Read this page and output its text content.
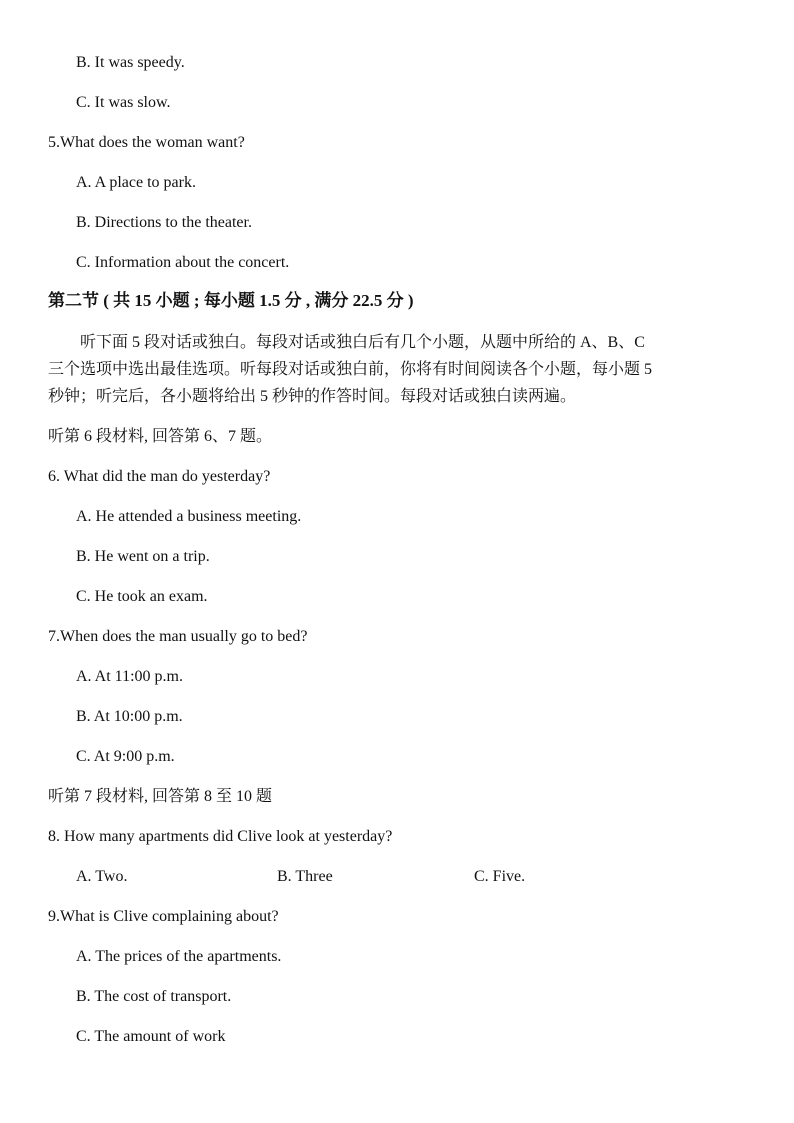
B. It was speedy.
C. It was slow.
5.What does the woman want?
A. A place to park.
B. Directions to the theater.
C. Information about the concert.
第二节 ( 共 15 小题 ; 每小题 1.5 分 , 满分 22.5 分 )
听下面 5 段对话或独白。每段对话或独白后有几个小题，从题中所给的 A、B、C
三个选项中选出最佳选项。听每段对话或独白前，你将有时间阅读各个小题，每小题 5
秒钟；听完后，各小题将给出 5 秒钟的作答时间。每段对话或独白读两遍。
听第 6 段材料, 回答第 6、7 题。
6. What did the man do yesterday?
A. He attended a business meeting.
B. He went on a trip.
C. He took an exam.
7.When does the man usually go to bed?
A. At 11:00 p.m.
B. At 10:00 p.m.
C. At 9:00 p.m.
听第 7 段材料, 回答第 8 至 10 题
8. How many apartments did Clive look at yesterday?
A. Two.	B. Three	C. Five.
9.What is Clive complaining about?
A. The prices of the apartments.
B. The cost of transport.
C. The amount of work
